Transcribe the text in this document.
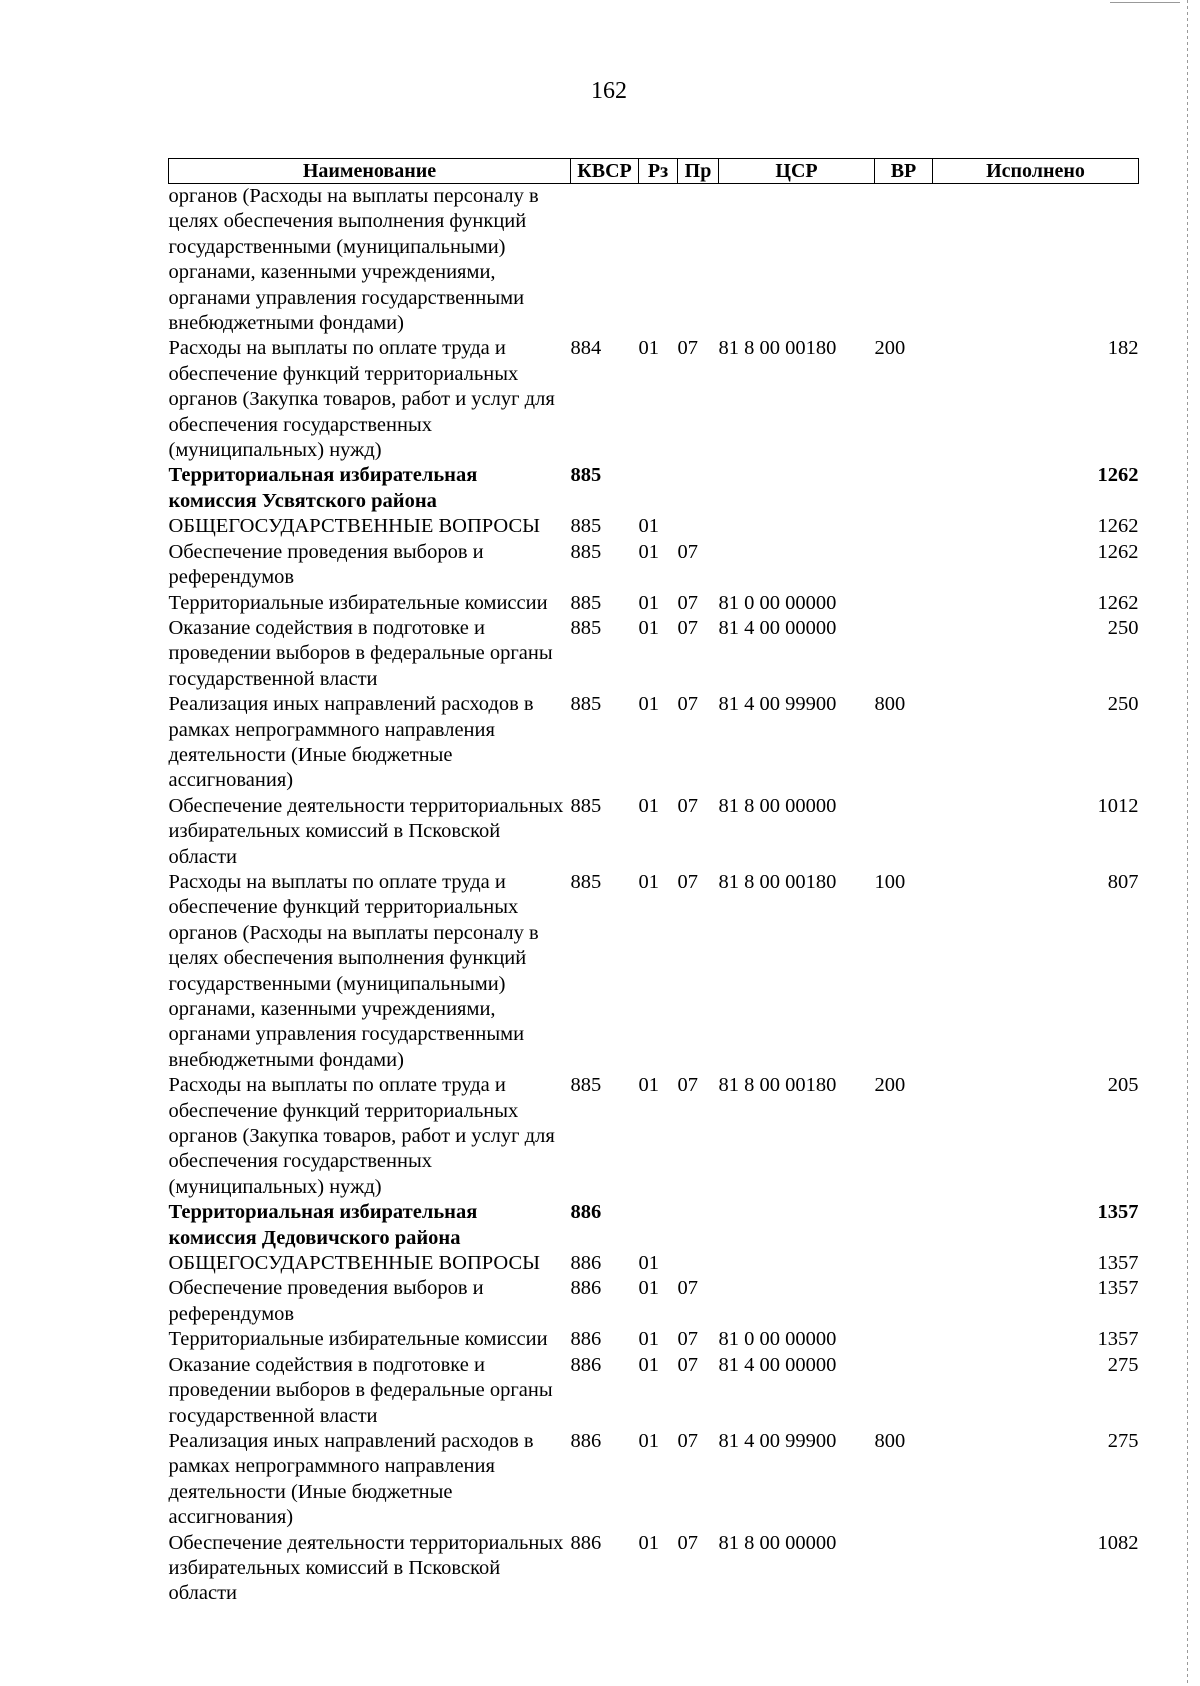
162
Наименование	КВСР	Рз	Пр	ЦСР	ВР	Исполнено
органов (Расходы на выплаты персоналу в целях обеспечения выполнения функций государственными (муниципальными) органами, казенными учреждениями, органами управления государственными внебюджетными фондами)						
Расходы на выплаты по оплате труда и обеспечение функций территориальных органов (Закупка товаров, работ и услуг для обеспечения государственных (муниципальных) нужд)	884	01	07	81 8 00 00180	200	182
Территориальная избирательная комиссия Усвятского района	885					1262
ОБЩЕГОСУДАРСТВЕННЫЕ ВОПРОСЫ	885	01				1262
Обеспечение проведения выборов и референдумов	885	01	07			1262
Территориальные избирательные комиссии	885	01	07	81 0 00 00000		1262
Оказание содействия в подготовке и проведении выборов в федеральные органы государственной власти	885	01	07	81 4 00 00000		250
Реализация иных направлений расходов в рамках непрограммного направления деятельности (Иные бюджетные ассигнования)	885	01	07	81 4 00 99900	800	250
Обеспечение деятельности территориальных избирательных комиссий в Псковской области	885	01	07	81 8 00 00000		1012
Расходы на выплаты по оплате труда и обеспечение функций территориальных органов (Расходы на выплаты персоналу в целях обеспечения выполнения функций государственными (муниципальными) органами, казенными учреждениями, органами управления государственными внебюджетными фондами)	885	01	07	81 8 00 00180	100	807
Расходы на выплаты по оплате труда и обеспечение функций территориальных органов (Закупка товаров, работ и услуг для обеспечения государственных (муниципальных) нужд)	885	01	07	81 8 00 00180	200	205
Территориальная избирательная комиссия Дедовичского района	886					1357
ОБЩЕГОСУДАРСТВЕННЫЕ ВОПРОСЫ	886	01				1357
Обеспечение проведения выборов и референдумов	886	01	07			1357
Территориальные избирательные комиссии	886	01	07	81 0 00 00000		1357
Оказание содействия в подготовке и проведении выборов в федеральные органы государственной власти	886	01	07	81 4 00 00000		275
Реализация иных направлений расходов в рамках непрограммного направления деятельности (Иные бюджетные ассигнования)	886	01	07	81 4 00 99900	800	275
Обеспечение деятельности территориальных избирательных комиссий в Псковской области	886	01	07	81 8 00 00000		1082
